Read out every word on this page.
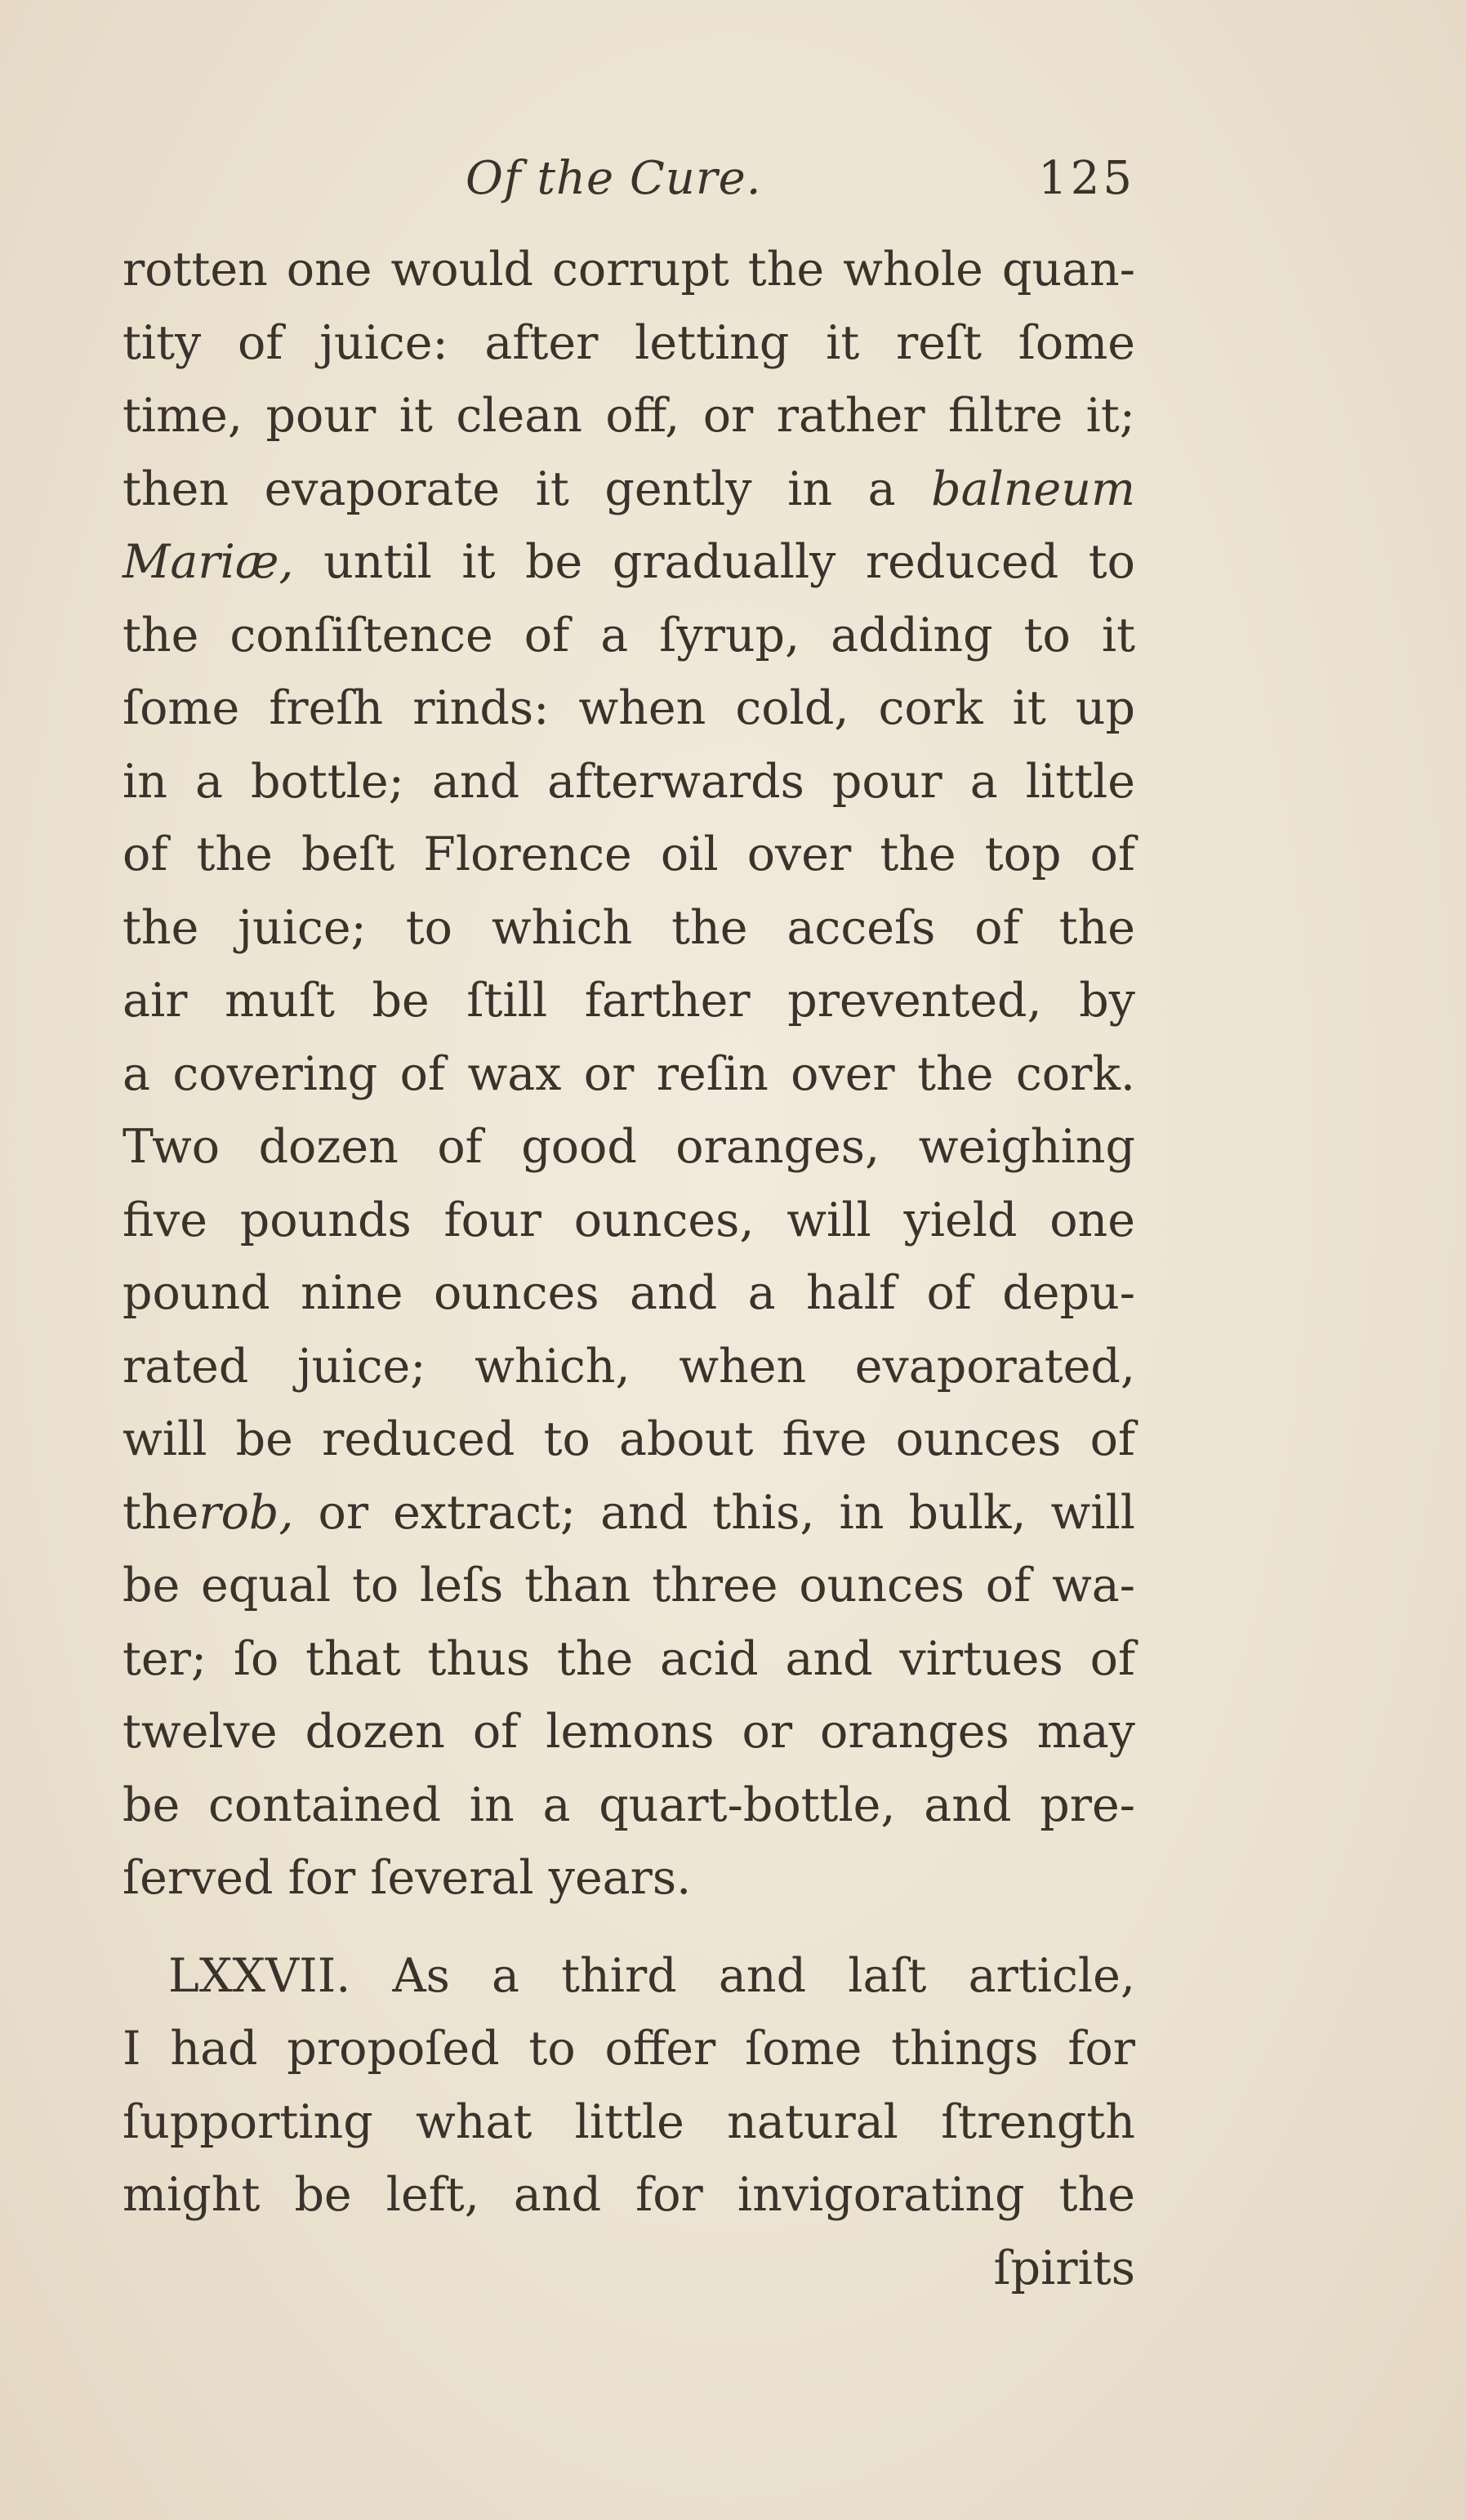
Of the Cure.	125
rotten one would corrupt the whole quan-
tity of juice: after letting it reſt ſome
time, pour it clean off, or rather filtre it;
then evaporate it gently in a balneum
Mariæ, until it be gradually reduced to
the conſiſtence of a ſyrup, adding to it
ſome freſh rinds: when cold, cork it up
in a bottle; and afterwards pour a little
of the beſt Florence oil over the top of
the juice; to which the acceſs of the
air muſt be ſtill farther prevented, by
a covering of wax or reſin over the cork.
Two dozen of good oranges, weighing
five pounds four ounces, will yield one
pound nine ounces and a half of depu-
rated juice; which, when evaporated,
will be reduced to about five ounces of
therob, or extract; and this, in bulk, will
be equal to leſs than three ounces of wa-
ter; ſo that thus the acid and virtues of
twelve dozen of lemons or oranges may
be contained in a quart-bottle, and pre-
ſerved for ſeveral years.
LXXVII. As a third and laſt article,
I had propoſed to offer ſome things for
ſupporting what little natural ſtrength
might be left, and for invigorating the
ſpirits
